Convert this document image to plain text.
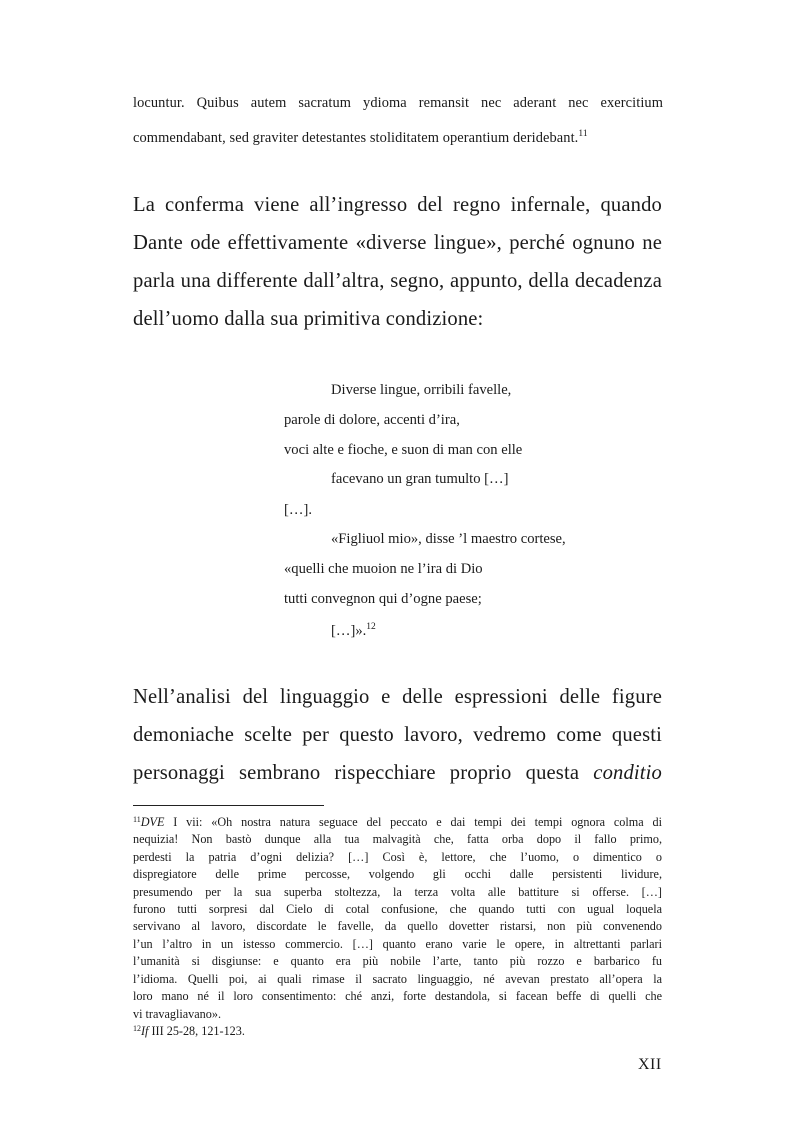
locuntur. Quibus autem sacratum ydioma remansit nec aderant nec exercitium
commendabant, sed graviter detestantes stoliditatem operantium deridebant.$^{11}$
La conferma viene all’ingresso del regno infernale, quando
Dante ode effettivamente «diverse lingue», perché ognuno ne
parla una differente dall’altra, segno, appunto, della decadenza
dell’uomo dalla sua primitiva condizione:
Diverse lingue, orribili favelle,
parole di dolore, accenti d’ira,
voci alte e fioche, e suon di man con elle
facevano un gran tumulto […]
[…].
«Figliuol mio», disse ’l maestro cortese,
«quelli che muoion ne l’ira di Dio
tutti convegnon qui d’ogne paese;
[…]».$^{12}$
Nell’analisi del linguaggio e delle espressioni delle figure
demoniache scelte per questo lavoro, vedremo come questi
personaggi sembrano rispecchiare proprio questa conditio
$^{11}$DVE I vii: «Oh nostra natura seguace del peccato e dai tempi dei tempi ognora colma di
nequizia! Non bastò dunque alla tua malvagità che, fatta orba dopo il fallo primo,
perdesti la patria d’ogni delizia? […] Così è, lettore, che l’uomo, o dimentico o
dispregiatore delle prime percosse, volgendo gli occhi dalle persistenti lividure,
presumendo per la sua superba stoltezza, la terza volta alle battiture si offerse. […]
furono tutti sorpresi dal Cielo di cotal confusione, che quando tutti con ugual loquela
servivano al lavoro, discordate le favelle, da quello dovetter ristarsi, non più convenendo
l’un l’altro in un istesso commercio. […] quanto erano varie le opere, in altrettanti parlari
l’umanità si disgiunse: e quanto era più nobile l’arte, tanto più rozzo e barbarico fu
l’idioma. Quelli poi, ai quali rimase il sacrato linguaggio, né avevan prestato all’opera la
loro mano né il loro consentimento: ché anzi, forte destandola, si facean beffe di quelli che
vi travagliavano».
$^{12}$If III 25-28, 121-123.
XII
